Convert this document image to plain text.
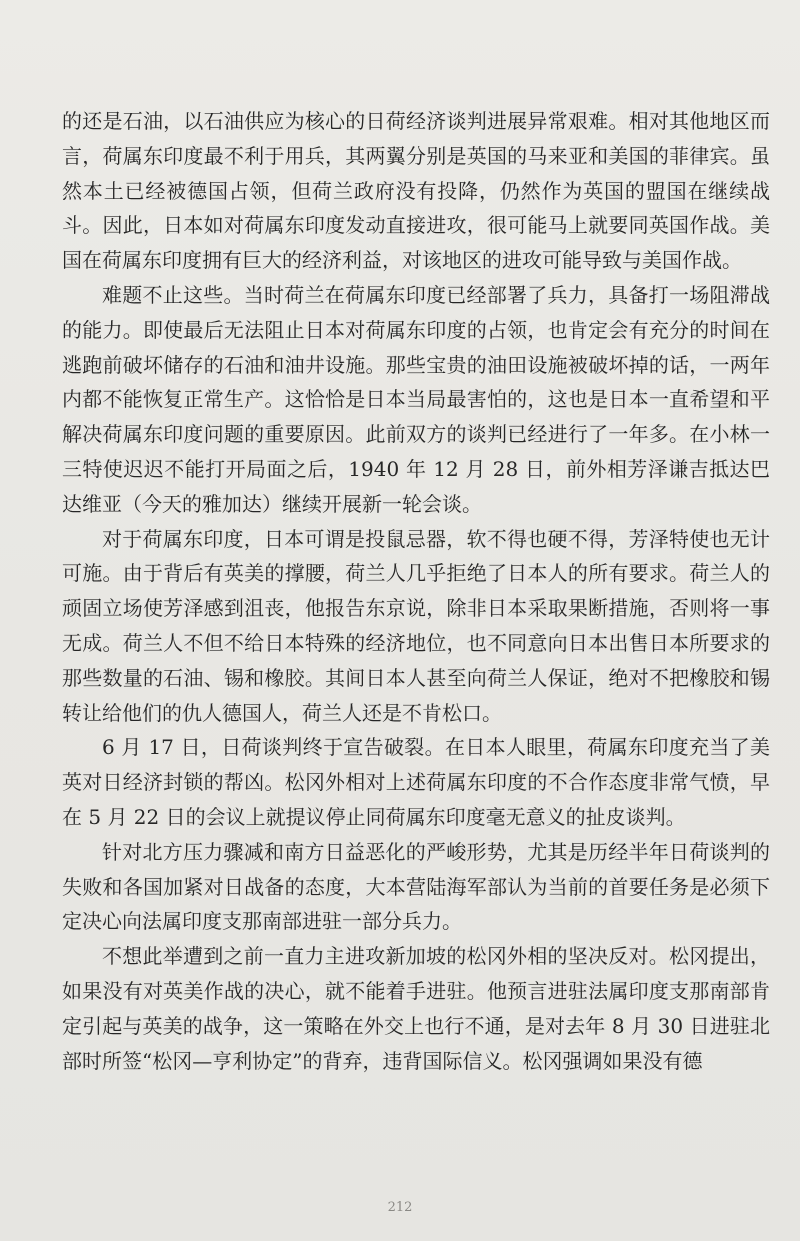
的还是石油，以石油供应为核心的日荷经济谈判进展异常艰难。相对其他地区而言，荷属东印度最不利于用兵，其两翼分别是英国的马来亚和美国的菲律宾。虽然本土已经被德国占领，但荷兰政府没有投降，仍然作为英国的盟国在继续战斗。因此，日本如对荷属东印度发动直接进攻，很可能马上就要同英国作战。美国在荷属东印度拥有巨大的经济利益，对该地区的进攻可能导致与美国作战。

难题不止这些。当时荷兰在荷属东印度已经部署了兵力，具备打一场阻滞战的能力。即使最后无法阻止日本对荷属东印度的占领，也肯定会有充分的时间在逃跑前破坏储存的石油和油井设施。那些宝贵的油田设施被破坏掉的话，一两年内都不能恢复正常生产。这恰恰是日本当局最害怕的，这也是日本一直希望和平解决荷属东印度问题的重要原因。此前双方的谈判已经进行了一年多。在小林一三特使迟迟不能打开局面之后，1940 年 12 月 28 日，前外相芳泽谦吉抵达巴达维亚（今天的雅加达）继续开展新一轮会谈。

对于荷属东印度，日本可谓是投鼠忌器，软不得也硬不得，芳泽特使也无计可施。由于背后有英美的撑腰，荷兰人几乎拒绝了日本人的所有要求。荷兰人的顽固立场使芳泽感到沮丧，他报告东京说，除非日本采取果断措施，否则将一事无成。荷兰人不但不给日本特殊的经济地位，也不同意向日本出售日本所要求的那些数量的石油、锡和橡胶。其间日本人甚至向荷兰人保证，绝对不把橡胶和锡转让给他们的仇人德国人，荷兰人还是不肯松口。

6 月 17 日，日荷谈判终于宣告破裂。在日本人眼里，荷属东印度充当了美英对日经济封锁的帮凶。松冈外相对上述荷属东印度的不合作态度非常气愤，早在 5 月 22 日的会议上就提议停止同荷属东印度毫无意义的扯皮谈判。

针对北方压力骤减和南方日益恶化的严峻形势，尤其是历经半年日荷谈判的失败和各国加紧对日战备的态度，大本营陆海军部认为当前的首要任务是必须下定决心向法属印度支那南部进驻一部分兵力。

不想此举遭到之前一直力主进攻新加坡的松冈外相的坚决反对。松冈提出，如果没有对英美作战的决心，就不能着手进驻。他预言进驻法属印度支那南部肯定引起与英美的战争，这一策略在外交上也行不通，是对去年 8 月 30 日进驻北部时所签“松冈—亨利协定”的背弃，违背国际信义。松冈强调如果没有德

212
